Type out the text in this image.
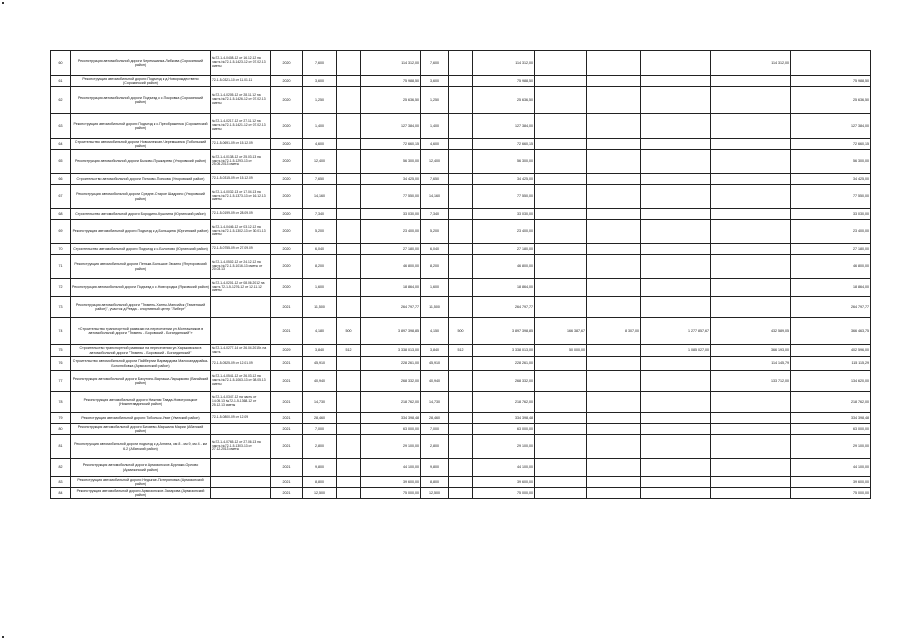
60	Реконструкция автомобильной дороги Черемшанка-Либкова (Сорокинский район)	№72-1-4-0408-12 от 16.12.12 на часть №72-1-5-1423-12 от 07.02.13 сметы	2020	7,600		114 312,00	7,600		114 312,00				114 312,00	
61	Реконструкция автомобильной дороги Подъезд к д.Новорождествено (Сорокинский район)	72-1-5-0321-10 от 11.01.11	2020	3,600		75 988,50	3,600		75 988,50					75 988,50
62	Реконструкция автомобильной дороги Подъезд к с.Покровка (Сорокинский район)	№72-1-4-0205-12 от 28.11.12 на часть №72-1-5-1426-12 от 07.02.13 сметы	2020	1,250		25 636,50	1,250		25 636,50					25 636,50
63	Реконструкция автомобильной дороги Подъезд к с.Преображенка (Сорокинский район)	№72-1-4-0217-12 от 27.11.12 на часть №72-1-5-1421-12 от 07.02.13 сметы	2020	1,400		127 384,00	1,400		127 384,00					127 384,00
64	Строительство автомобильной дороги Новоалексан-Черемшанка (Тобольский район)	72-1-5-0691-09 от 15.12.09	2020	4,600		72 660,15	4,600		72 660,15					72 660,15
65	Реконструкция автомобильной дороги Бызово-Пушкарево (Упоровский район)	№72-1-4-0138-12 от 25.03.13 на часть №72-1-5-1293-13 от 25.05.2013 сметы	2020	12,400		56 300,00	12,400		56 300,00					56 300,00
66	Строительство автомобильной дороги Пятково-Попкова (Упоровский район)	72-1-5-0315-09 от 15.12.09	2020	7,650		34 425,00	7,650		34 425,00					34 425,00
67	Реконструкция автомобильной дороги Средне-Старое Шадрино (Упоровский район)	№72-1-4-0032-13 от 17.04.13 на часть №72-1-5-1373-13 от 16.12.13 сметы	2020	14,160		77 550,00	14,160		77 550,00					77 550,00
68	Строительство автомобильной дороги Бородино-Кушлина (Юргинский район)	72-1-5-0199-09 от 28.09.09	2020	7,340		33 030,00	7,340		33 030,00					33 030,00
69	Реконструкция автомобильной дороги Подъезд к д.Больщина (Юргинский район)	№72-1-4-0446-12 от 03.12.12 на часть №72-1-5-1302-13 от 30.01.13 сметы	2020	5,200		23 400,00	5,200		23 400,00					23 400,00
70	Строительство автомобильной дороги Подъезд к с.Болотово (Юргинский район)	72-1-5-0755-09 от 27.09.09	2020	6,040		27 180,00	6,040		27 180,00					27 180,00
71	Реконструкция автомобильной дороги Пеньки-Большое Зюзино (Ялуторовский район)	№72-1-4-0502-12 от 24.12.12 на часть №72-1-5-1016-13 сметы от 20.03.13	2020	8,200		46 800,00	8,200		46 800,00					46 800,00
72	Реконструкция автомобильной дороги Подъезд к с.Новгородка (Ярковский район)	№72-1-4-0201-12 от 08.06.2012 на часть 72-1-5-1276-12 от 12.11.12 сметы	2020	1,600		18 864,00	1,600		18 864,00					18 864,00
73	Реконструкция автомобильной дороги "Тюмень-Ханты-Мансийск (Тюменский район)", участок д.Ревда - спортивный центр "Либерт"		2021	11,500		264 797,77	11,500		264 797,77					264 797,77
74	«Строительство транспортной развязки на пересечении ул.Монтажников в автомобильной дороги "Тюмень - Боровский - Богандинский"»		2021	4,180	500	3 897 398,85	4,150	500	3 897 398,85	166 387,67	8 307,00	1 277 857,67	432 589,05	366 463,75
75	Строительство транспортной развязки на пересечении ул.Харьковская в автомобильной дороги "Тюмень - Боровский - Богандинский"	№72-1-4-0277-14 от 26.04.2015г. на часть	2029	3,840	512	3 338 013,00	3,840	512	3 338 013,00	50 000,00		1 085 027,00	366 193,00	402 596,00
76	Строительство автомобильной дороги Пайбергии Варвардова Малосалдарайка-Боголюбовка (Армизонский район)	72-1-5-0525-09 от 12.01.09	2021	45,910		228 261,00	45,910		228 261,00				114 145,79	115 115,29
77	Реконструкция автомобильной дороги Бахутино-Варгаши-Ларщиково (Вагайский район)	№72-1-4-0541-12 от 26.03.12 на часть №72-1-5-1063-13 от 08.05.13 сметы	2021	40,940		268 332,00	40,940		268 332,00				133 712,00	134 620,00
78	Реконструкция автомобильной дороги Нижняя Тавда-Новотроицкое (Нижнетавдинский район)	№72-1-4-0347-12 на часть от 14.05.13 №72-1-5-1368-12 от 25.12.13 сметы	2021	14,730		218 762,00	14,730		218 762,00					218 762,00
79	Реконструкция автомобильной дороги Тобольск-Уват (Уватский район)	72-1-5-0800-09 от 12.09	2021	28,460		334 398,48	28,460		334 398,48					334 398,48
80	Реконструкция автомобильной дороги Бизяево-Маршала Марии (Абатский район)		2021	7,000		63 000,00	7,000		63 000,00					63 000,00
81	Реконструкция автомобильной дороги подъезд к д.Алгина, км 8 - км 9, км 4 - км 6.2 (Абатский район)	№72-1-4-0765-12 от 27.06.13 на часть №72-1-5-1303-13 от 27.12.2013 сметы	2021	2,800		29 100,00	2,800		29 100,00					29 100,00
82	Реконструкция автомобильной дороги Армизонское-Бурлаки-Орлово (Армизонский район)		2021	9,800		44 100,00	9,800		44 100,00					44 100,00
83	Реконструкция автомобильной дороги Недыгае-Потеряновка (Армизонский район)		2021	8,800		39 600,00	8,800		39 600,00					39 600,00
84	Реконструкция автомобильной дороги Армизонское-Захарова (Армизонский район)		2021	12,500		75 000,00	12,500		75 000,00					75 000,00
